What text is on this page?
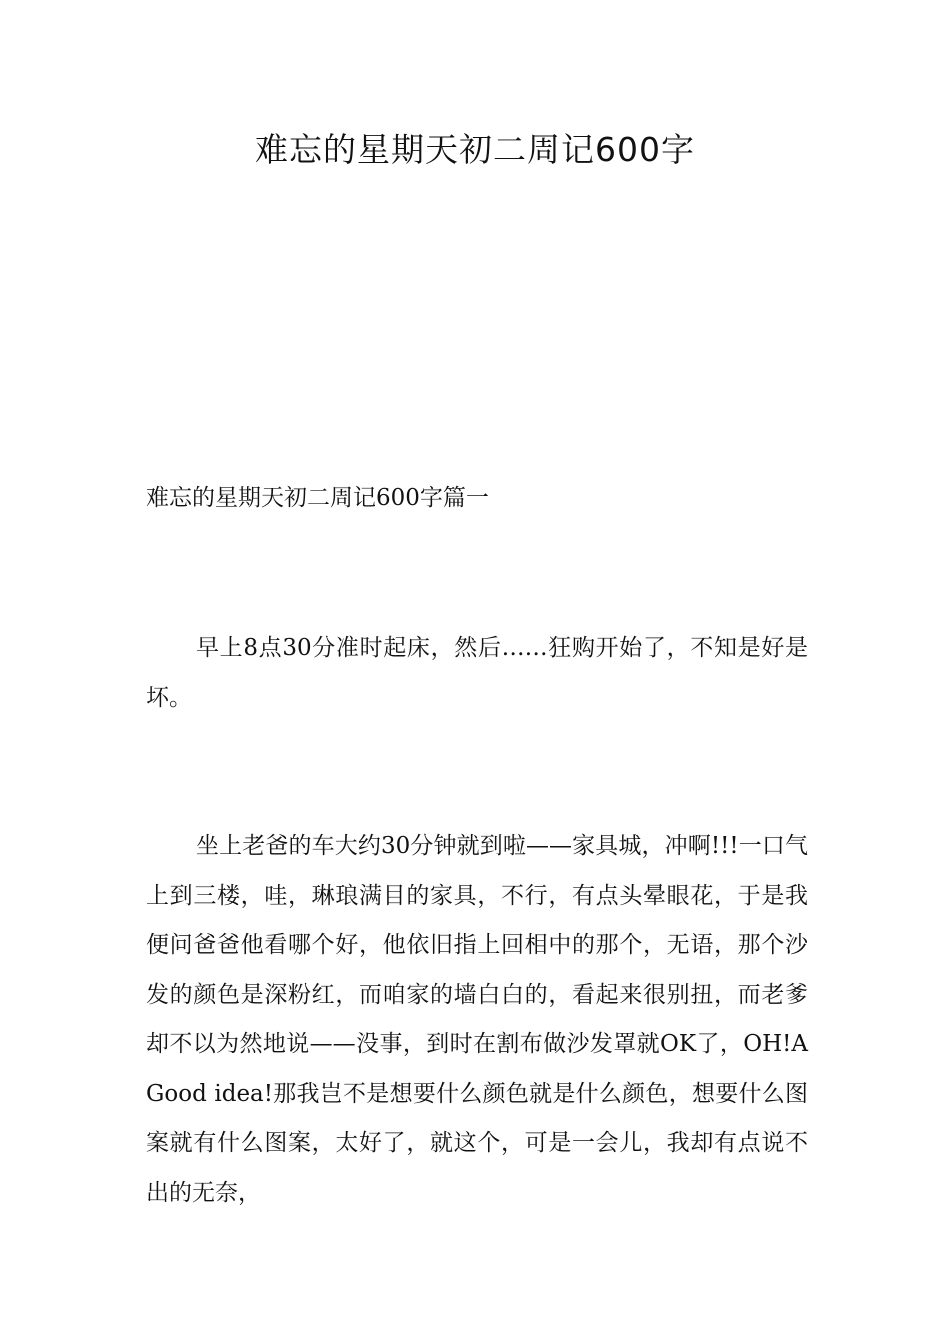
难忘的星期天初二周记600字
难忘的星期天初二周记600字篇一

早上8点30分准时起床，然后……狂购开始了，不知是好是坏。

坐上老爸的车大约30分钟就到啦——家具城，冲啊!!!一口气上到三楼，哇，琳琅满目的家具，不行，有点头晕眼花，于是我便问爸爸他看哪个好，他依旧指上回相中的那个，无语，那个沙发的颜色是深粉红，而咱家的墙白白的，看起来很别扭，而老爹却不以为然地说——没事，到时在割布做沙发罩就OK了，OH!A Good idea!那我岂不是想要什么颜色就是什么颜色，想要什么图案就有什么图案，太好了，就这个，可是一会儿，我却有点说不出的无奈，
